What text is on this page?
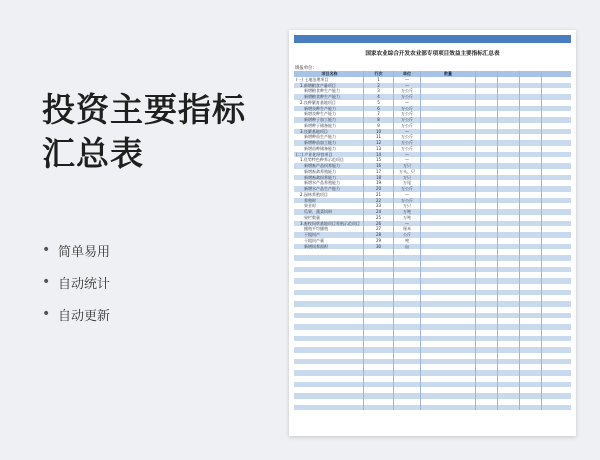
投资主要指标汇总表
• 简单易用
• 自动统计
• 自动更新
国家农业综合开发农业部专项项目效益主要指标汇总表
填报单位:
项目名称	行次	单位	数量
(一) 土地治理项目	1	—
1.新增粮食产量项目	2	—
新增粮食种生产能力	3	万公斤
新增粮食种生产能力	4	万公斤
2.良种繁育基地项目	5	—
新增良种生产能力	6	万公斤
新增良种生产能力	7	万公斤
新增种子加工能力	8	万公斤
新增种子储备能力	9	万公斤
3.良繁基地项目	10	—
新增种苗生产能力	11	万公斤
新增种苗加工能力	12	万公斤
新增苗种储备能力	13	万公斤
(二) 产业化经营项目	14	—
1.优势特色种养示范项目	15	—
新增畜产品饲养能力	16	万只
新增畜禽养殖能力	17	万头、只
新增畜禽饲养能力	18	万只
新增水产品养殖能力	19	万尾
新增水产品生产能力	20	万公斤
2.园林养殖项目	21	—
养殖时	22	万公斤
果业时	23	万只
瓜果、蔬菜饲料	24	万吨
果栏数量	25	万吨
3.畜牧饲草基地项目养殖示范项目	26	—
播殖平均播殖	27	厘米
干粗饲产	28	公斤
干粗饲产量	29	吨
新增饲养面积	30	亩
